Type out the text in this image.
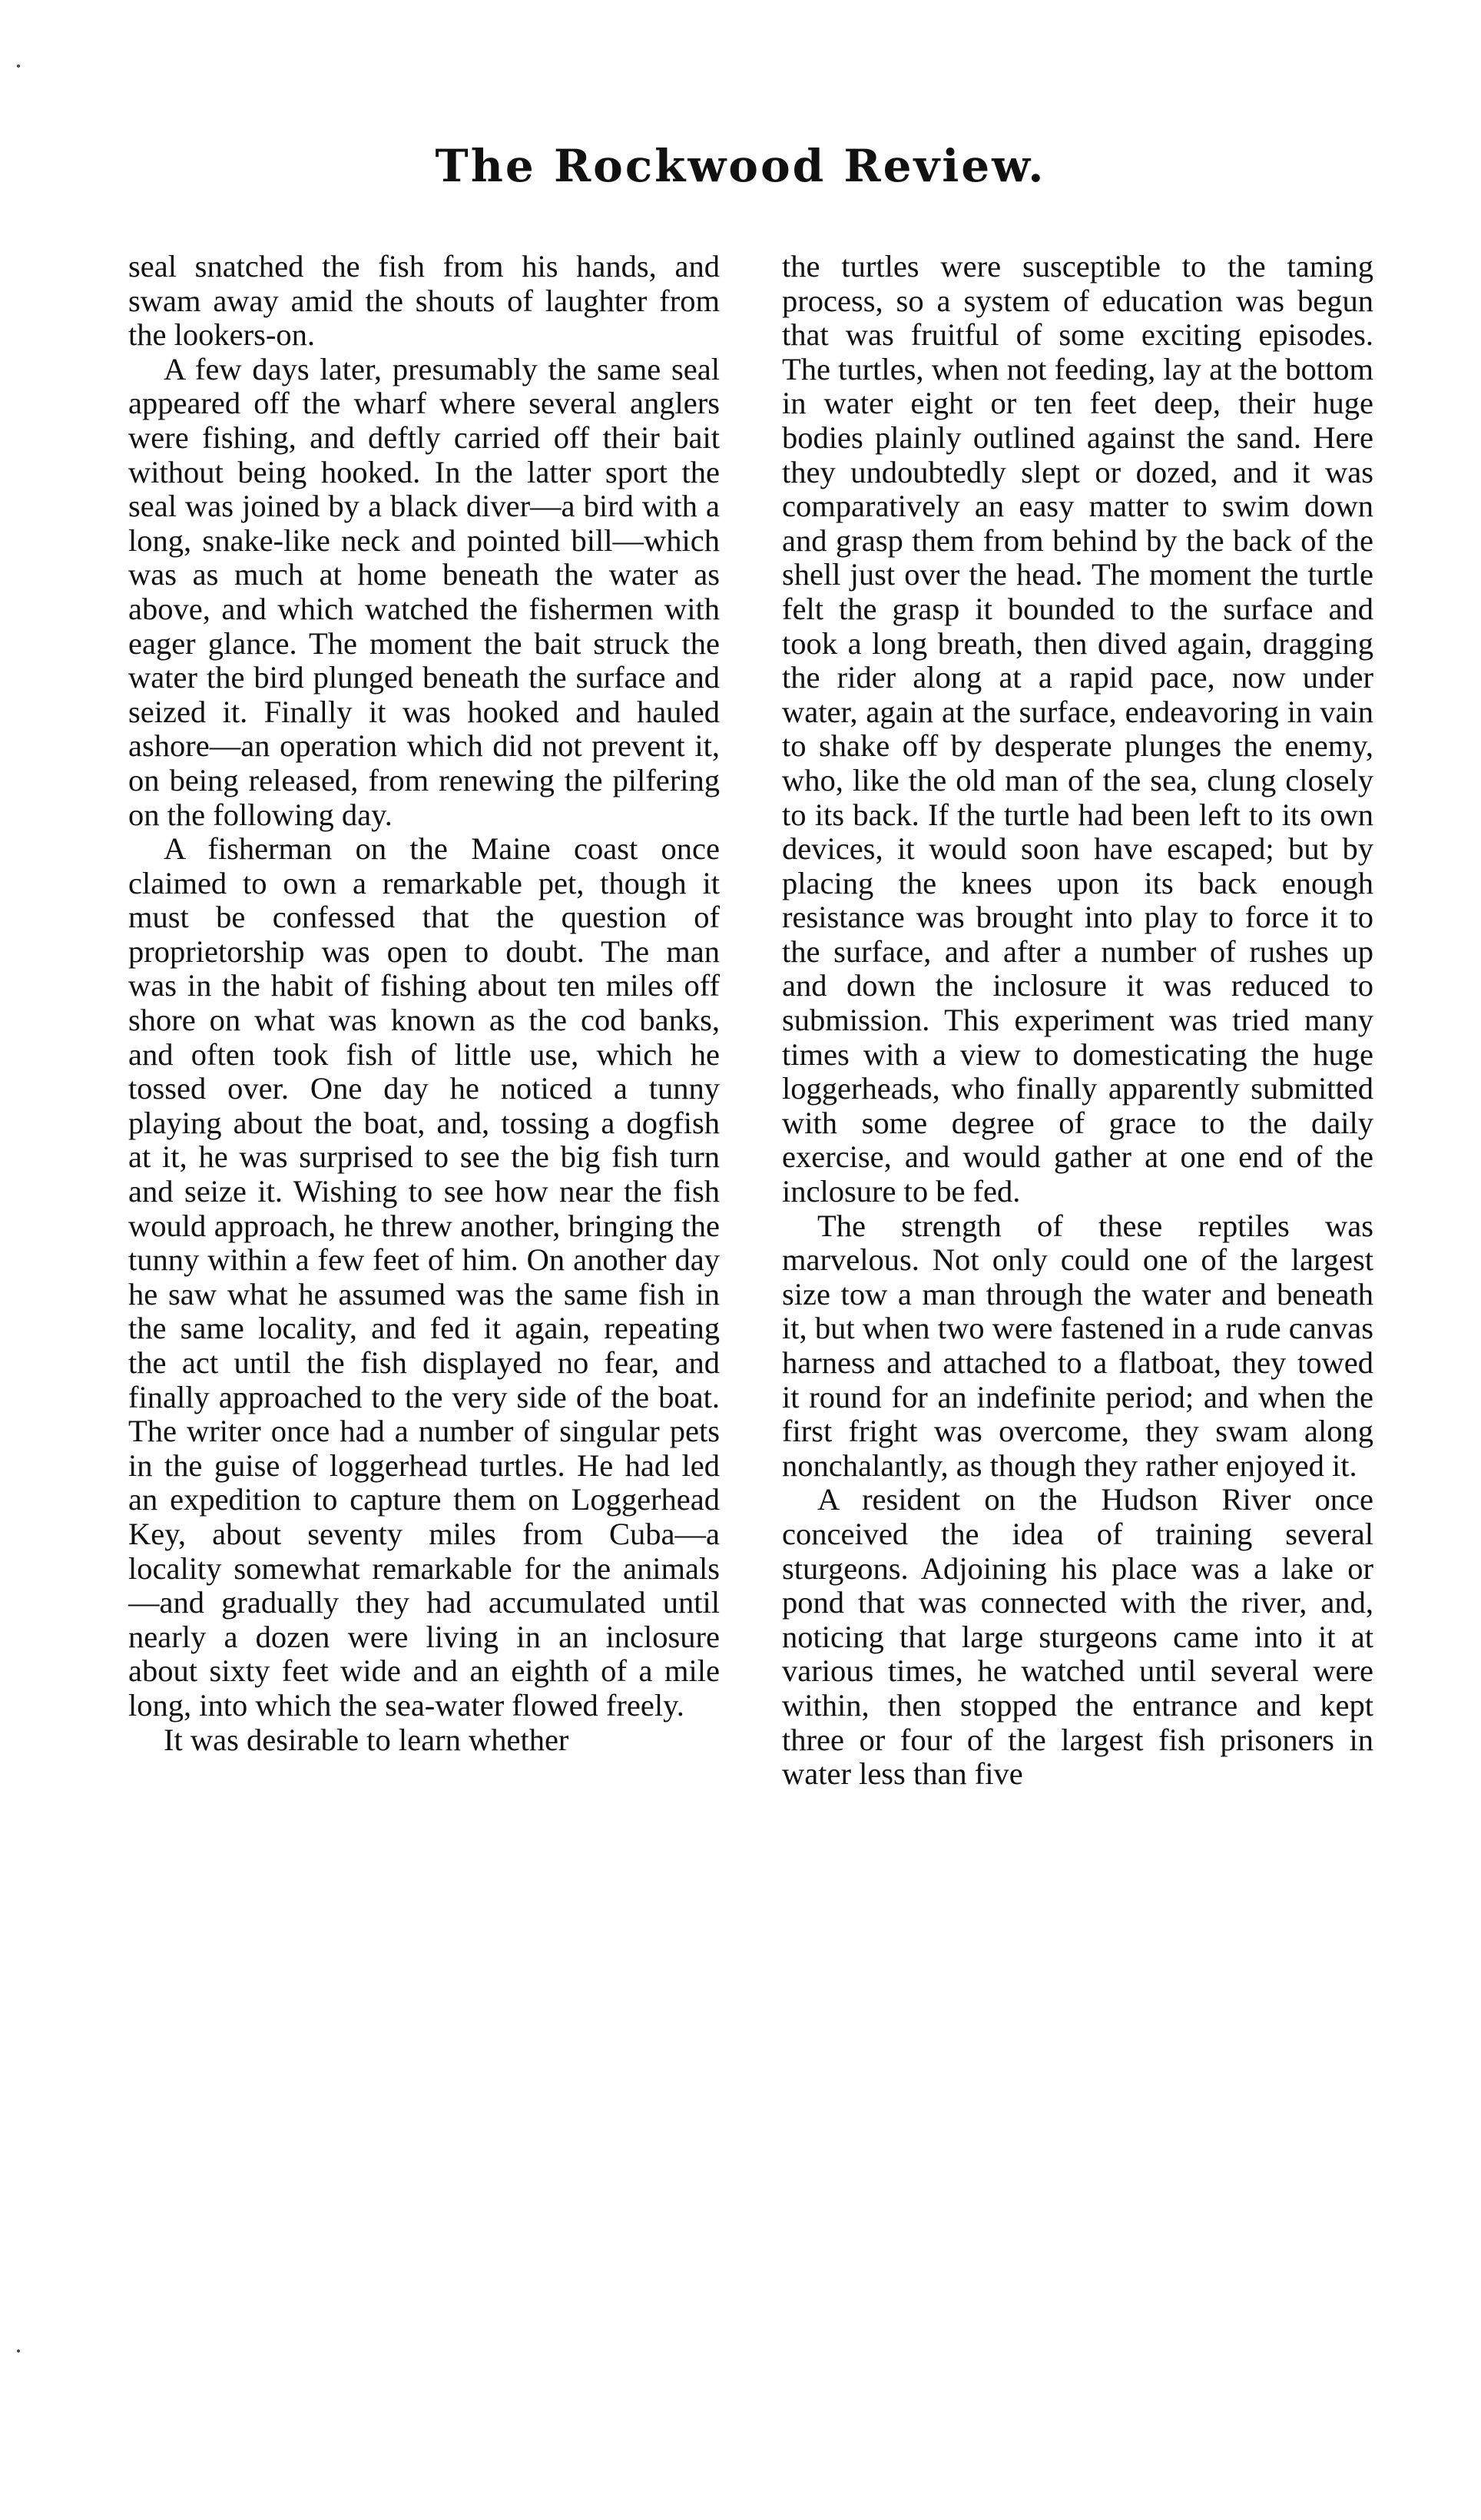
The Rockwood Review.

seal snatched the fish from his hands, and swam away amid the shouts of laughter from the lookers-on.

A few days later, presumably the same seal appeared off the wharf where several anglers were fishing, and deftly carried off their bait without being hooked. In the latter sport the seal was joined by a black diver—a bird with a long, snake-like neck and pointed bill—which was as much at home beneath the water as above, and which watched the fishermen with eager glance. The moment the bait struck the water the bird plunged beneath the surface and seized it. Finally it was hooked and hauled ashore—an operation which did not prevent it, on being released, from renewing the pilfering on the following day.

A fisherman on the Maine coast once claimed to own a remarkable pet, though it must be confessed that the question of proprietorship was open to doubt. The man was in the habit of fishing about ten miles off shore on what was known as the cod banks, and often took fish of little use, which he tossed over. One day he noticed a tunny playing about the boat, and, tossing a dogfish at it, he was surprised to see the big fish turn and seize it. Wishing to see how near the fish would approach, he threw another, bringing the tunny within a few feet of him. On another day he saw what he assumed was the same fish in the same locality, and fed it again, repeating the act until the fish displayed no fear, and finally approached to the very side of the boat. The writer once had a number of singular pets in the guise of loggerhead turtles. He had led an expedition to capture them on Loggerhead Key, about seventy miles from Cuba—a locality somewhat remarkable for the animals—and gradually they had accumulated until nearly a dozen were living in an inclosure about sixty feet wide and an eighth of a mile long, into which the sea-water flowed freely.

It was desirable to learn whether

the turtles were susceptible to the taming process, so a system of education was begun that was fruitful of some exciting episodes. The turtles, when not feeding, lay at the bottom in water eight or ten feet deep, their huge bodies plainly outlined against the sand. Here they undoubtedly slept or dozed, and it was comparatively an easy matter to swim down and grasp them from behind by the back of the shell just over the head. The moment the turtle felt the grasp it bounded to the surface and took a long breath, then dived again, dragging the rider along at a rapid pace, now under water, again at the surface, endeavoring in vain to shake off by desperate plunges the enemy, who, like the old man of the sea, clung closely to its back. If the turtle had been left to its own devices, it would soon have escaped; but by placing the knees upon its back enough resistance was brought into play to force it to the surface, and after a number of rushes up and down the inclosure it was reduced to submission. This experiment was tried many times with a view to domesticating the huge loggerheads, who finally apparently submitted with some degree of grace to the daily exercise, and would gather at one end of the inclosure to be fed.

The strength of these reptiles was marvelous. Not only could one of the largest size tow a man through the water and beneath it, but when two were fastened in a rude canvas harness and attached to a flatboat, they towed it round for an indefinite period; and when the first fright was overcome, they swam along nonchalantly, as though they rather enjoyed it.

A resident on the Hudson River once conceived the idea of training several sturgeons. Adjoining his place was a lake or pond that was connected with the river, and, noticing that large sturgeons came into it at various times, he watched until several were within, then stopped the entrance and kept three or four of the largest fish prisoners in water less than five
